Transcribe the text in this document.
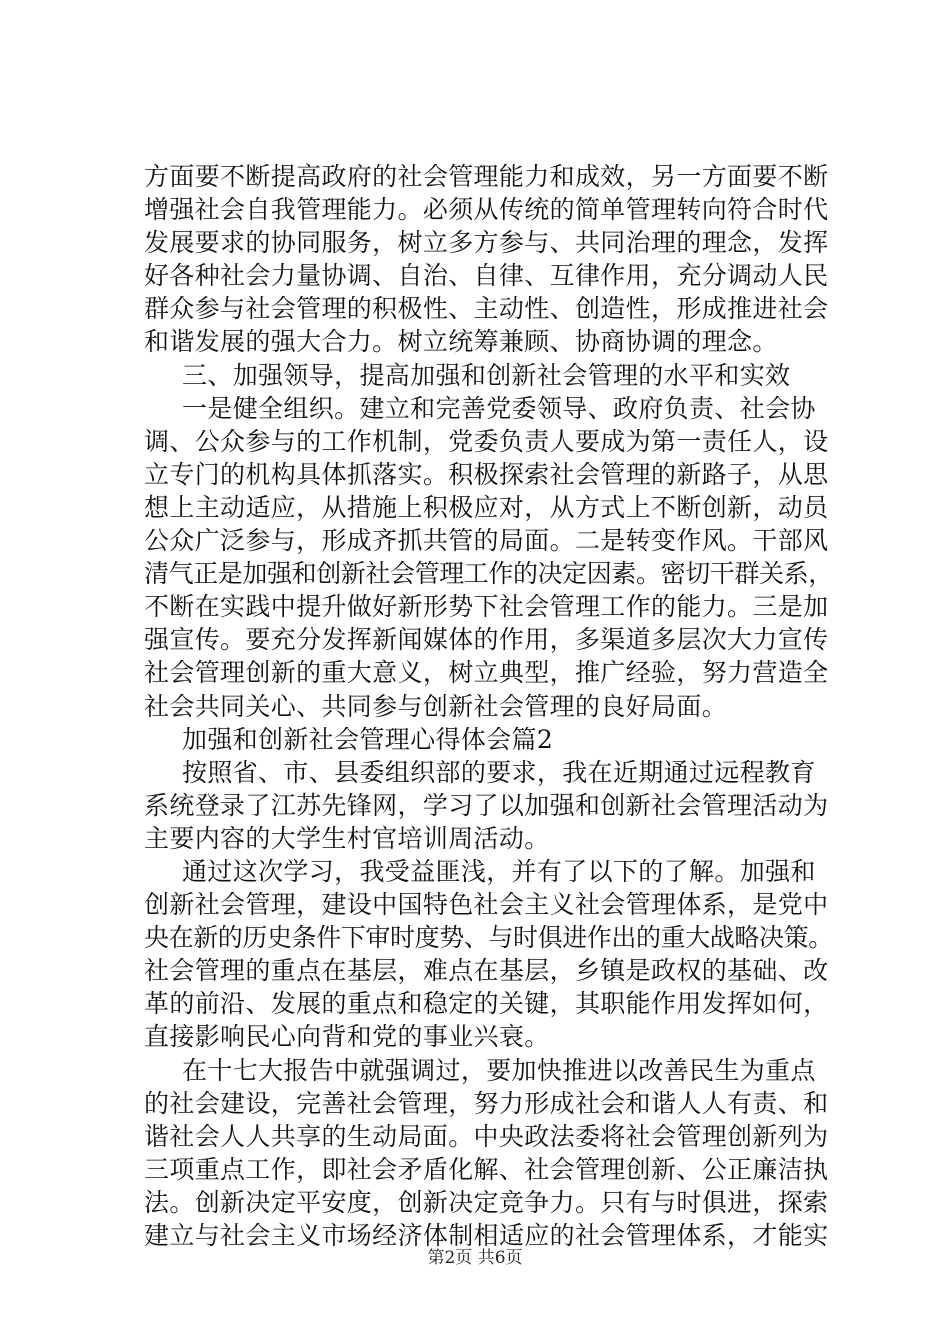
方面要不断提高政府的社会管理能力和成效，另一方面要不断
增强社会自我管理能力。必须从传统的简单管理转向符合时代
发展要求的协同服务，树立多方参与、共同治理的理念，发挥
好各种社会力量协调、自治、自律、互律作用，充分调动人民
群众参与社会管理的积极性、主动性、创造性，形成推进社会
和谐发展的强大合力。树立统筹兼顾、协商协调的理念。
三、加强领导，提高加强和创新社会管理的水平和实效
一是健全组织。建立和完善党委领导、政府负责、社会协
调、公众参与的工作机制，党委负责人要成为第一责任人，设
立专门的机构具体抓落实。积极探索社会管理的新路子，从思
想上主动适应，从措施上积极应对，从方式上不断创新，动员
公众广泛参与，形成齐抓共管的局面。二是转变作风。干部风
清气正是加强和创新社会管理工作的决定因素。密切干群关系，
不断在实践中提升做好新形势下社会管理工作的能力。三是加
强宣传。要充分发挥新闻媒体的作用，多渠道多层次大力宣传
社会管理创新的重大意义，树立典型，推广经验，努力营造全
社会共同关心、共同参与创新社会管理的良好局面。
加强和创新社会管理心得体会篇2
按照省、市、县委组织部的要求，我在近期通过远程教育
系统登录了江苏先锋网，学习了以加强和创新社会管理活动为
主要内容的大学生村官培训周活动。
通过这次学习，我受益匪浅，并有了以下的了解。加强和
创新社会管理，建设中国特色社会主义社会管理体系，是党中
央在新的历史条件下审时度势、与时俱进作出的重大战略决策。
社会管理的重点在基层，难点在基层，乡镇是政权的基础、改
革的前沿、发展的重点和稳定的关键，其职能作用发挥如何，
直接影响民心向背和党的事业兴衰。
在十七大报告中就强调过，要加快推进以改善民生为重点
的社会建设，完善社会管理，努力形成社会和谐人人有责、和
谐社会人人共享的生动局面。中央政法委将社会管理创新列为
三项重点工作，即社会矛盾化解、社会管理创新、公正廉洁执
法。创新决定平安度，创新决定竞争力。只有与时俱进，探索
建立与社会主义市场经济体制相适应的社会管理体系，才能实
第2页 共6页
